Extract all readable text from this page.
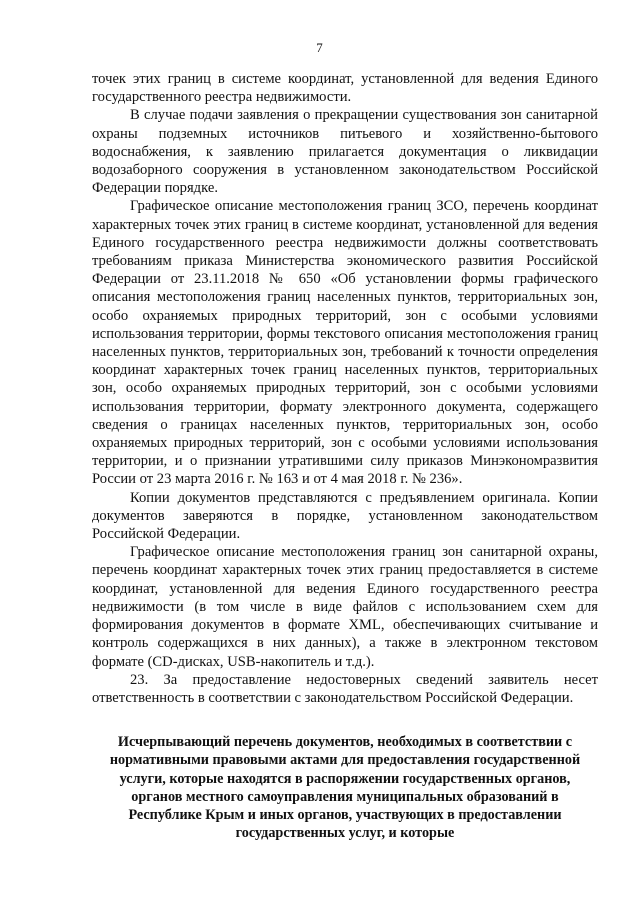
7

точек этих границ в системе координат, установленной для ведения Единого государственного реестра недвижимости.

В случае подачи заявления о прекращении существования зон санитарной охраны подземных источников питьевого и хозяйственно-бытового водоснабжения, к заявлению прилагается документация о ликвидации водозаборного сооружения в установленном законодательством Российской Федерации порядке.

Графическое описание местоположения границ ЗСО, перечень координат характерных точек этих границ в системе координат, установленной для ведения Единого государственного реестра недвижимости должны соответствовать требованиям приказа Министерства экономического развития Российской Федерации от 23.11.2018 № 650 «Об установлении формы графического описания местоположения границ населенных пунктов, территориальных зон, особо охраняемых природных территорий, зон с особыми условиями использования территории, формы текстового описания местоположения границ населенных пунктов, территориальных зон, требований к точности определения координат характерных точек границ населенных пунктов, территориальных зон, особо охраняемых природных территорий, зон с особыми условиями использования территории, формату электронного документа, содержащего сведения о границах населенных пунктов, территориальных зон, особо охраняемых природных территорий, зон с особыми условиями использования территории, и о признании утратившими силу приказов Минэкономразвития России от 23 марта 2016 г. № 163 и от 4 мая 2018 г. № 236».

Копии документов представляются с предъявлением оригинала. Копии документов заверяются в порядке, установленном законодательством Российской Федерации.

Графическое описание местоположения границ зон санитарной охраны, перечень координат характерных точек этих границ предоставляется в системе координат, установленной для ведения Единого государственного реестра недвижимости (в том числе в виде файлов с использованием схем для формирования документов в формате XML, обеспечивающих считывание и контроль содержащихся в них данных), а также в электронном текстовом формате (CD-дисках, USB-накопитель и т.д.).

23. За предоставление недостоверных сведений заявитель несет ответственность в соответствии с законодательством Российской Федерации.

Исчерпывающий перечень документов, необходимых в соответствии с нормативными правовыми актами для предоставления государственной услуги, которые находятся в распоряжении государственных органов, органов местного самоуправления муниципальных образований в Республике Крым и иных органов, участвующих в предоставлении государственных услуг, и которые
